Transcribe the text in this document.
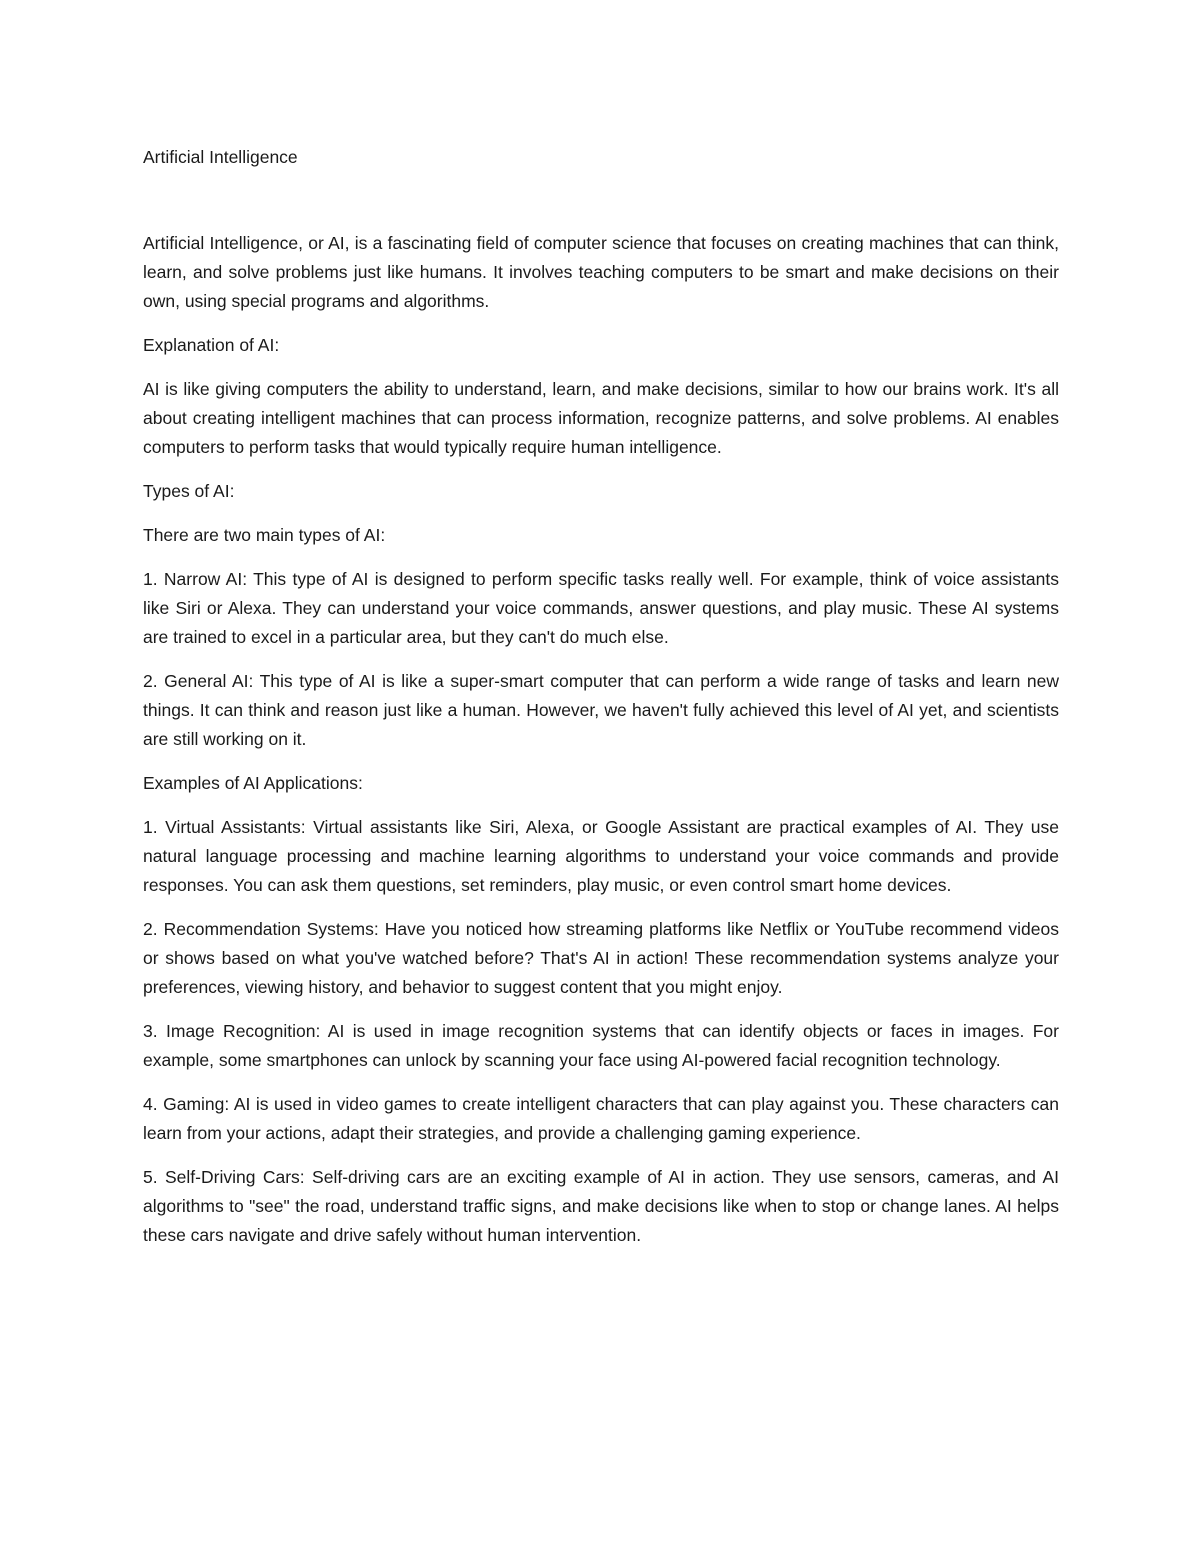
Artificial Intelligence

Artificial Intelligence, or AI, is a fascinating field of computer science that focuses on creating machines that can think, learn, and solve problems just like humans. It involves teaching computers to be smart and make decisions on their own, using special programs and algorithms.

Explanation of AI:

AI is like giving computers the ability to understand, learn, and make decisions, similar to how our brains work. It's all about creating intelligent machines that can process information, recognize patterns, and solve problems. AI enables computers to perform tasks that would typically require human intelligence.

Types of AI:

There are two main types of AI:

1. Narrow AI: This type of AI is designed to perform specific tasks really well. For example, think of voice assistants like Siri or Alexa. They can understand your voice commands, answer questions, and play music. These AI systems are trained to excel in a particular area, but they can't do much else.

2. General AI: This type of AI is like a super-smart computer that can perform a wide range of tasks and learn new things. It can think and reason just like a human. However, we haven't fully achieved this level of AI yet, and scientists are still working on it.

Examples of AI Applications:

1. Virtual Assistants: Virtual assistants like Siri, Alexa, or Google Assistant are practical examples of AI. They use natural language processing and machine learning algorithms to understand your voice commands and provide responses. You can ask them questions, set reminders, play music, or even control smart home devices.

2. Recommendation Systems: Have you noticed how streaming platforms like Netflix or YouTube recommend videos or shows based on what you've watched before? That's AI in action! These recommendation systems analyze your preferences, viewing history, and behavior to suggest content that you might enjoy.

3. Image Recognition: AI is used in image recognition systems that can identify objects or faces in images. For example, some smartphones can unlock by scanning your face using AI-powered facial recognition technology.

4. Gaming: AI is used in video games to create intelligent characters that can play against you. These characters can learn from your actions, adapt their strategies, and provide a challenging gaming experience.

5. Self-Driving Cars: Self-driving cars are an exciting example of AI in action. They use sensors, cameras, and AI algorithms to "see" the road, understand traffic signs, and make decisions like when to stop or change lanes. AI helps these cars navigate and drive safely without human intervention.
